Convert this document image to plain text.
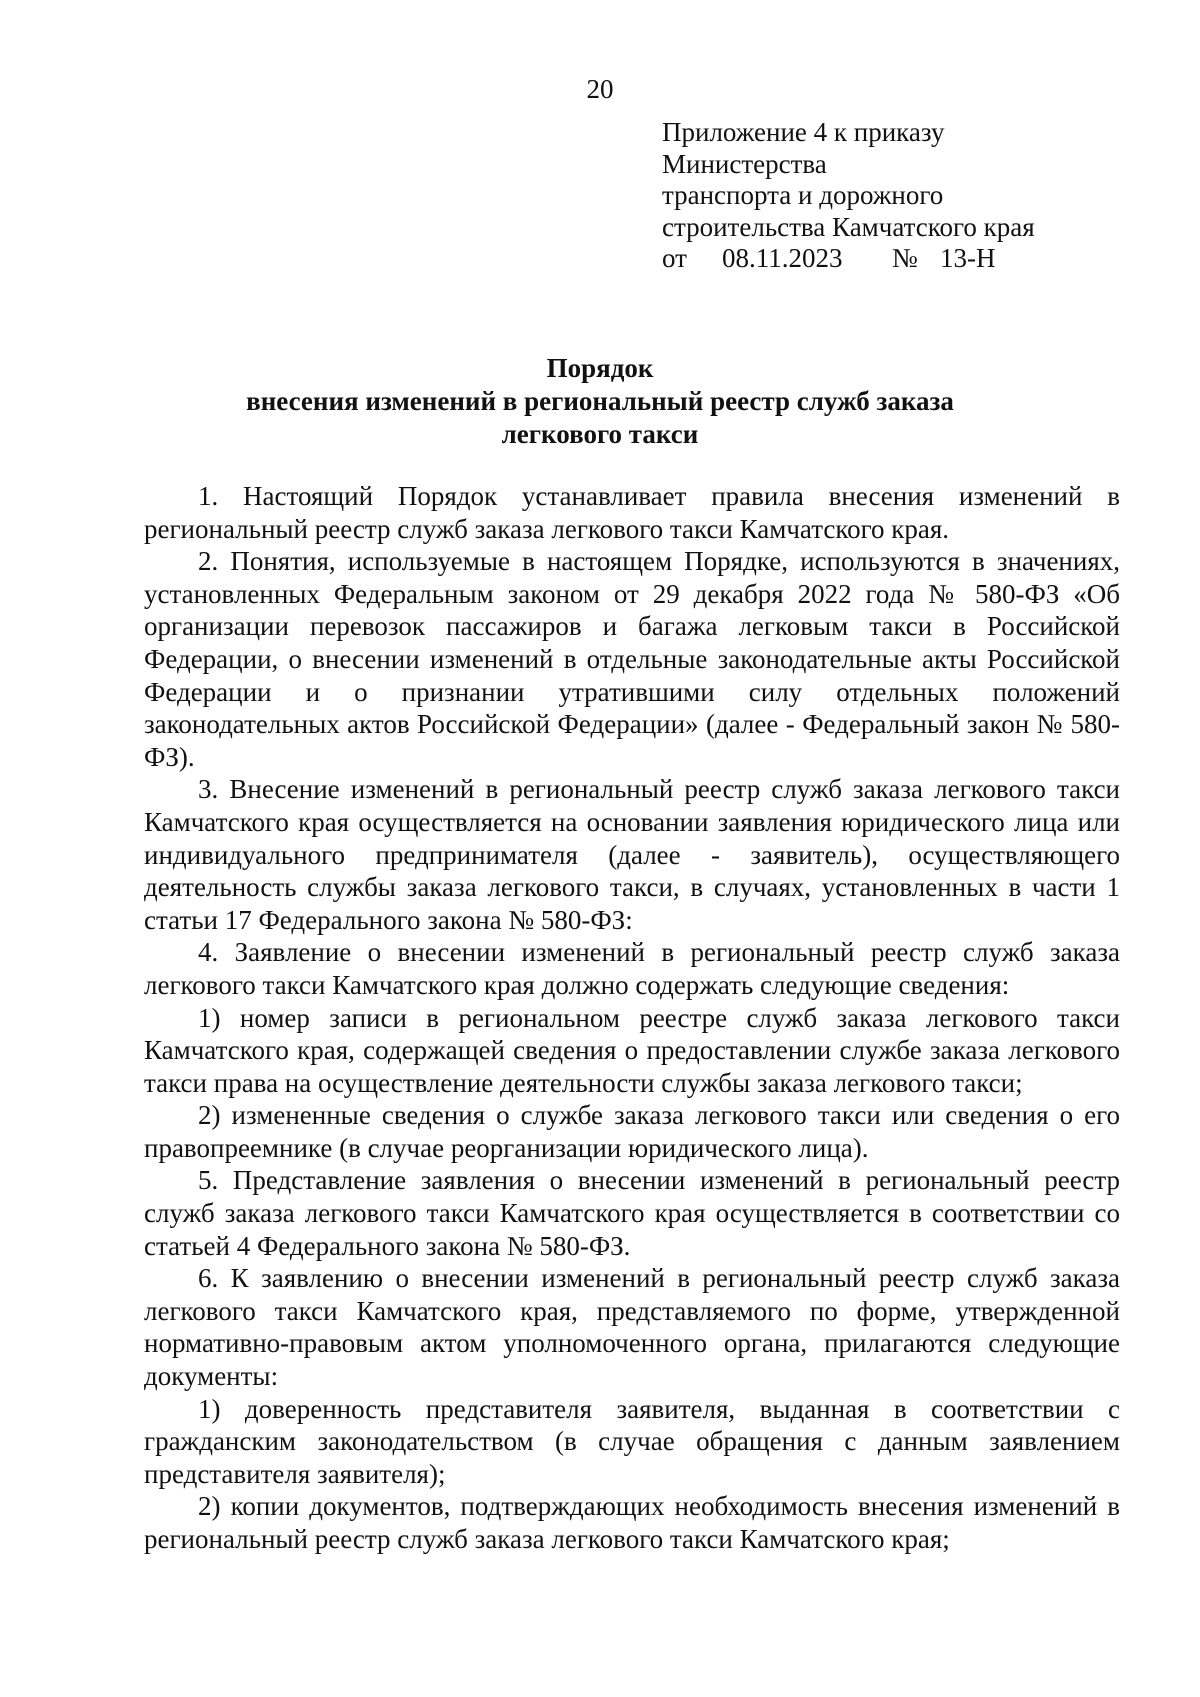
20
Приложение 4 к приказу
Министерства
транспорта и дорожного
строительства Камчатского края
от 08.11.2023 № 13-Н
Порядок
внесения изменений в региональный реестр служб заказа
легкового такси

1. Настоящий Порядок устанавливает правила внесения изменений в региональный реестр служб заказа легкового такси Камчатского края.

2. Понятия, используемые в настоящем Порядке, используются в значениях, установленных Федеральным законом от 29 декабря 2022 года № 580-ФЗ «Об организации перевозок пассажиров и багажа легковым такси в Российской Федерации, о внесении изменений в отдельные законодательные акты Российской Федерации и о признании утратившими силу отдельных положений законодательных актов Российской Федерации» (далее - Федеральный закон № 580-ФЗ).

3. Внесение изменений в региональный реестр служб заказа легкового такси Камчатского края осуществляется на основании заявления юридического лица или индивидуального предпринимателя (далее - заявитель), осуществляющего деятельность службы заказа легкового такси, в случаях, установленных в части 1 статьи 17 Федерального закона № 580-ФЗ:

4. Заявление о внесении изменений в региональный реестр служб заказа легкового такси Камчатского края должно содержать следующие сведения:

1) номер записи в региональном реестре служб заказа легкового такси Камчатского края, содержащей сведения о предоставлении службе заказа легкового такси права на осуществление деятельности службы заказа легкового такси;

2) измененные сведения о службе заказа легкового такси или сведения о его правопреемнике (в случае реорганизации юридического лица).

5. Представление заявления о внесении изменений в региональный реестр служб заказа легкового такси Камчатского края осуществляется в соответствии со статьей 4 Федерального закона № 580-ФЗ.

6. К заявлению о внесении изменений в региональный реестр служб заказа легкового такси Камчатского края, представляемого по форме, утвержденной нормативно-правовым актом уполномоченного органа, прилагаются следующие документы:

1) доверенность представителя заявителя, выданная в соответствии с гражданским законодательством (в случае обращения с данным заявлением представителя заявителя);

2) копии документов, подтверждающих необходимость внесения изменений в региональный реестр служб заказа легкового такси Камчатского края;
